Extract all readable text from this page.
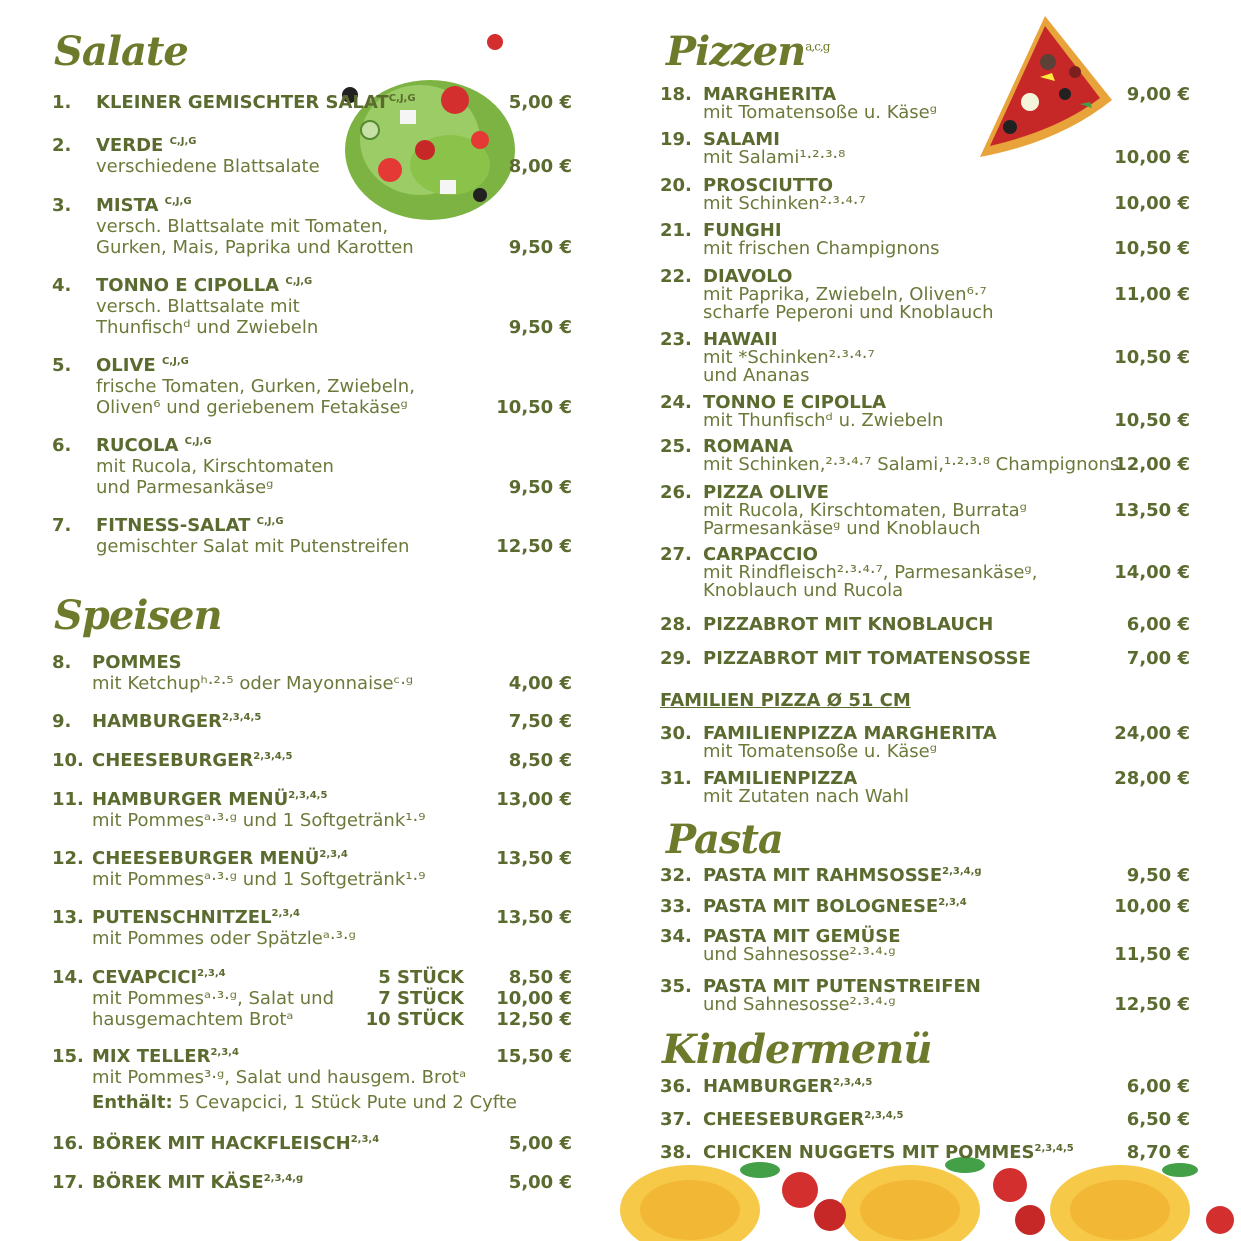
Salate
1. KLEINER GEMISCHTER $SALAT^{C,J,G}$	5,00 €
2. VERDE $^{C,J,G}$
verschiedene Blattsalate	8,00 €
3. MISTA $^{C,J,G}$
versch. Blattsalate mit Tomaten,
Gurken, Mais, Paprika und Karotten	9,50 €
4. TONNO E CIPOLLA $^{C,J,G}$
versch. Blattsalate mit
Thunfischᵈ und Zwiebeln	9,50 €
5. OLIVE $^{C,J,G}$
frische Tomaten, Gurken, Zwiebeln,
Oliven⁶ und geriebenem Fetakäseᵍ	10,50 €
6. RUCOLA $^{C,J,G}$
mit Rucola, Kirschtomaten
und Parmesankäseᵍ	9,50 €
7. FITNESS-SALAT $^{C,J,G}$
gemischter Salat mit Putenstreifen	12,50 €
Speisen
8. POMMES
mit Ketchupʰ·²·⁵ oder Mayonnaiseᶜ·ᵍ	4,00 €
9. HAMBURGER$^{2,3,4,5}$	7,50 €
10. CHEESEBURGER$^{2,3,4,5}$	8,50 €
11. HAMBURGER MENÜ$^{2,3,4,5}$
mit Pommesᵃ·³·ᵍ und 1 Softgetränk¹·⁹
13,00 €
12. CHEESEBURGER MENÜ$^{2,3,4}$
mit Pommesᵃ·³·ᵍ und 1 Softgetränk¹·⁹
13,50 €
13. PUTENSCHNITZEL$^{2,3,4}$
mit Pommes oder Spätzleᵃ·³·ᵍ
13,50 €
14. CEVAPCICI$^{2,3,4}$
mit Pommesᵃ·³·ᵍ, Salat und
hausgemachtem Brotᵃ
5 STÜCK 8,50 €
7 STÜCK 10,00 €
10 STÜCK 12,50 €
15. MIX TELLER$^{2,3,4}$
mit Pommes³·ᵍ, Salat und hausgem. Brotᵃ
Enthält: 5 Cevapcici, 1 Stück Pute und 2 Cyfte
15,50 €
16. BÖREK MIT HACKFLEISCH$^{2,3,4}$	5,00 €
17. BÖREK MIT KÄSE$^{2,3,4,g}$	5,00 €
Pizzen$^{a,c,g}$
18. MARGHERITA
mit Tomatensoße u. Käseᵍ
9,00 €
19. SALAMI
mit Salami¹·²·³·⁸	10,00 €
20. PROSCIUTTO
mit Schinken²·³·⁴·⁷	10,00 €
21. FUNGHI
mit frischen Champignons	10,50 €
22. DIAVOLO
mit Paprika, Zwiebeln, Oliven⁶·⁷
scharfe Peperoni und Knoblauch
11,00 €
23. HAWAII
mit *Schinken²·³·⁴·⁷
und Ananas
10,50 €
24. TONNO E CIPOLLA
mit Thunfischᵈ u. Zwiebeln	10,50 €
25. ROMANA
mit Schinken,²·³·⁴·⁷ Salami,¹·²·³·⁸ Champignons
12,00 €
26. PIZZA OLIVE
mit Rucola, Kirschtomaten, Burrataᵍ
Parmesankäseᵍ und Knoblauch
13,50 €
27. CARPACCIO
mit Rindfleisch²·³·⁴·⁷, Parmesankäseᵍ,
Knoblauch und Rucola
14,00 €
28. PIZZABROT MIT KNOBLAUCH	6,00 €
29. PIZZABROT MIT TOMATENSOSSE	7,00 €
FAMILIEN PIZZA Ø 51 CM
30. FAMILIENPIZZA MARGHERITA
mit Tomatensoße u. Käseᵍ
24,00 €
31. FAMILIENPIZZA
mit Zutaten nach Wahl
28,00 €
Pasta
32. PASTA MIT RAHMSOSSE$^{2,3,4,g}$	9,50 €
33. PASTA MIT BOLOGNESE$^{2,3,4}$	10,00 €
34. PASTA MIT GEMÜSE
und Sahnesosse²·³·⁴·ᵍ	11,50 €
35. PASTA MIT PUTENSTREIFEN
und Sahnesosse²·³·⁴·ᵍ	12,50 €
Kindermenü
36. HAMBURGER$^{2,3,4,5}$	6,00 €
37. CHEESEBURGER$^{2,3,4,5}$	6,50 €
38. CHICKEN NUGGETS MIT POMMES$^{2,3,4,5}$	8,70 €
